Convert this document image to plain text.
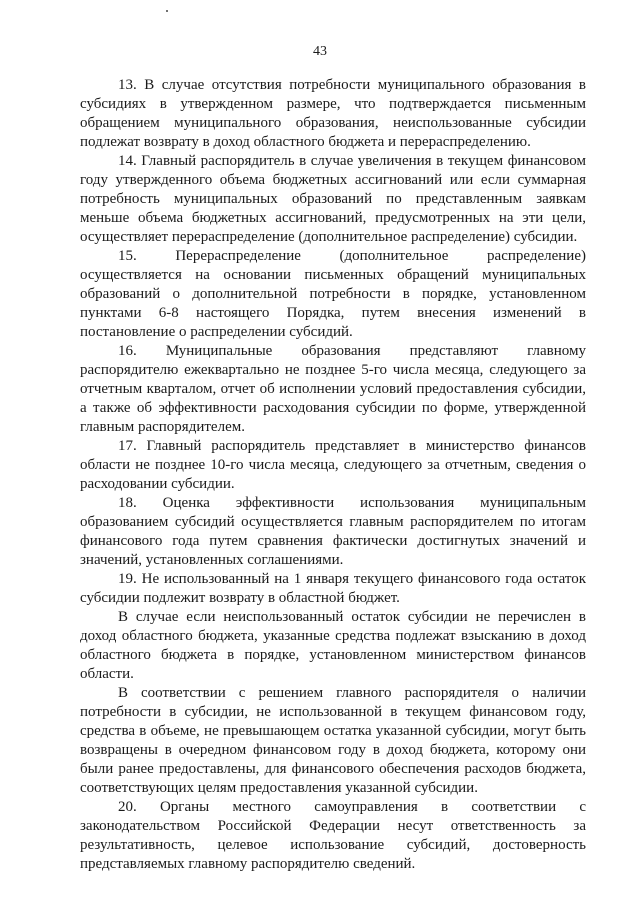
43

13. В случае отсутствия потребности муниципального образования в субсидиях в утвержденном размере, что подтверждается письменным обращением муниципального образования, неиспользованные субсидии подлежат возврату в доход областного бюджета и перераспределению.

14. Главный распорядитель в случае увеличения в текущем финансовом году утвержденного объема бюджетных ассигнований или если суммарная потребность муниципальных образований по представленным заявкам меньше объема бюджетных ассигнований, предусмотренных на эти цели, осуществляет перераспределение (дополнительное распределение) субсидии.

15. Перераспределение (дополнительное распределение) осуществляется на основании письменных обращений муниципальных образований о дополнительной потребности в порядке, установленном пунктами 6-8 настоящего Порядка, путем внесения изменений в постановление о распределении субсидий.

16. Муниципальные образования представляют главному распорядителю ежеквартально не позднее 5-го числа месяца, следующего за отчетным кварталом, отчет об исполнении условий предоставления субсидии, а также об эффективности расходования субсидии по форме, утвержденной главным распорядителем.

17. Главный распорядитель представляет в министерство финансов области не позднее 10-го числа месяца, следующего за отчетным, сведения о расходовании субсидии.

18. Оценка эффективности использования муниципальным образованием субсидий осуществляется главным распорядителем по итогам финансового года путем сравнения фактически достигнутых значений и значений, установленных соглашениями.

19. Не использованный на 1 января текущего финансового года остаток субсидии подлежит возврату в областной бюджет.

В случае если неиспользованный остаток субсидии не перечислен в доход областного бюджета, указанные средства подлежат взысканию в доход областного бюджета в порядке, установленном министерством финансов области.

В соответствии с решением главного распорядителя о наличии потребности в субсидии, не использованной в текущем финансовом году, средства в объеме, не превышающем остатка указанной субсидии, могут быть возвращены в очередном финансовом году в доход бюджета, которому они были ранее предоставлены, для финансового обеспечения расходов бюджета, соответствующих целям предоставления указанной субсидии.

20. Органы местного самоуправления в соответствии с законодательством Российской Федерации несут ответственность за результативность, целевое использование субсидий, достоверность представляемых главному распорядителю сведений.
